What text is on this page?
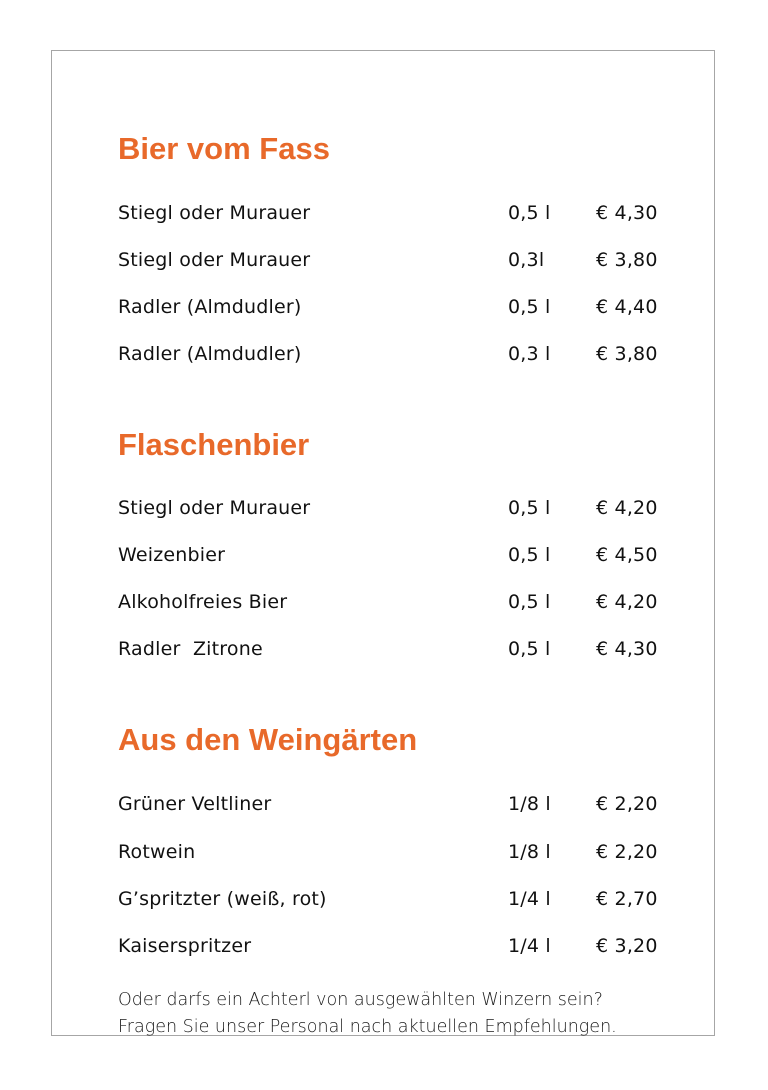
Bier vom Fass
Stiegl oder Murauer	0,5 l € 4,30
Stiegl oder Murauer	0,3l	€ 3,80
Radler (Almdudler)	0,5 l € 4,40
Radler (Almdudler)	0,3 l € 3,80
Flaschenbier
Stiegl oder Murauer	0,5 l € 4,20
Weizenbier	0,5 l € 4,50
Alkoholfreies Bier	0,5 l € 4,20
Radler  Zitrone	0,5 l € 4,30
Aus den Weingärten
Grüner Veltliner	1/8 l € 2,20
Rotwein	1/8 l € 2,20
G’spritzter (weiß, rot)	1/4 l € 2,70
Kaiserspritzer	1/4 l € 3,20
Oder darfs ein Achterl von ausgewählten Winzern sein?
Fragen Sie unser Personal nach aktuellen Empfehlungen.
